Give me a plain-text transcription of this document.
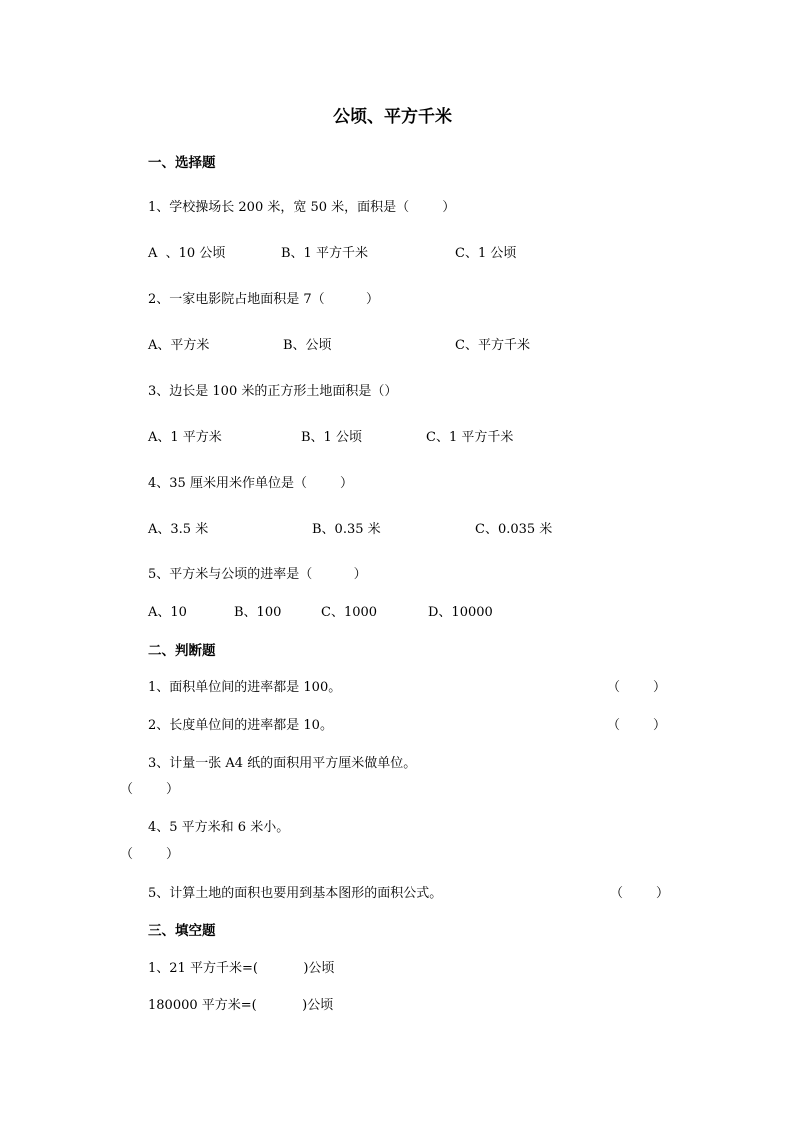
公顷、平方千米
一、选择题
1、学校操场长 200 米，宽 50 米，面积是（        ）
A  、10 公顷	B、1 平方千米	C、1 公顷
2、一家电影院占地面积是 7（          ）
A、平方米	B、公顷	C、平方千米
3、边长是 100 米的正方形土地面积是（）
A、1 平方米	B、1 公顷	C、1 平方千米
4、35 厘米用米作单位是（        ）
A、3.5 米	B、0.35 米	C、0.035 米
5、平方米与公顷的进率是（          ）
A、10	B、100	C、1000	D、10000
二、判断题
1、面积单位间的进率都是 100。	（        ）
2、长度单位间的进率都是 10。	（        ）
3、计量一张 A4 纸的面积用平方厘米做单位。
（        ）
4、5 平方米和 6 米小。
（        ）
5、计算土地的面积也要用到基本图形的面积公式。	（        ）
三、填空题
1、21 平方千米=(           )公顷
180000 平方米=(           )公顷
